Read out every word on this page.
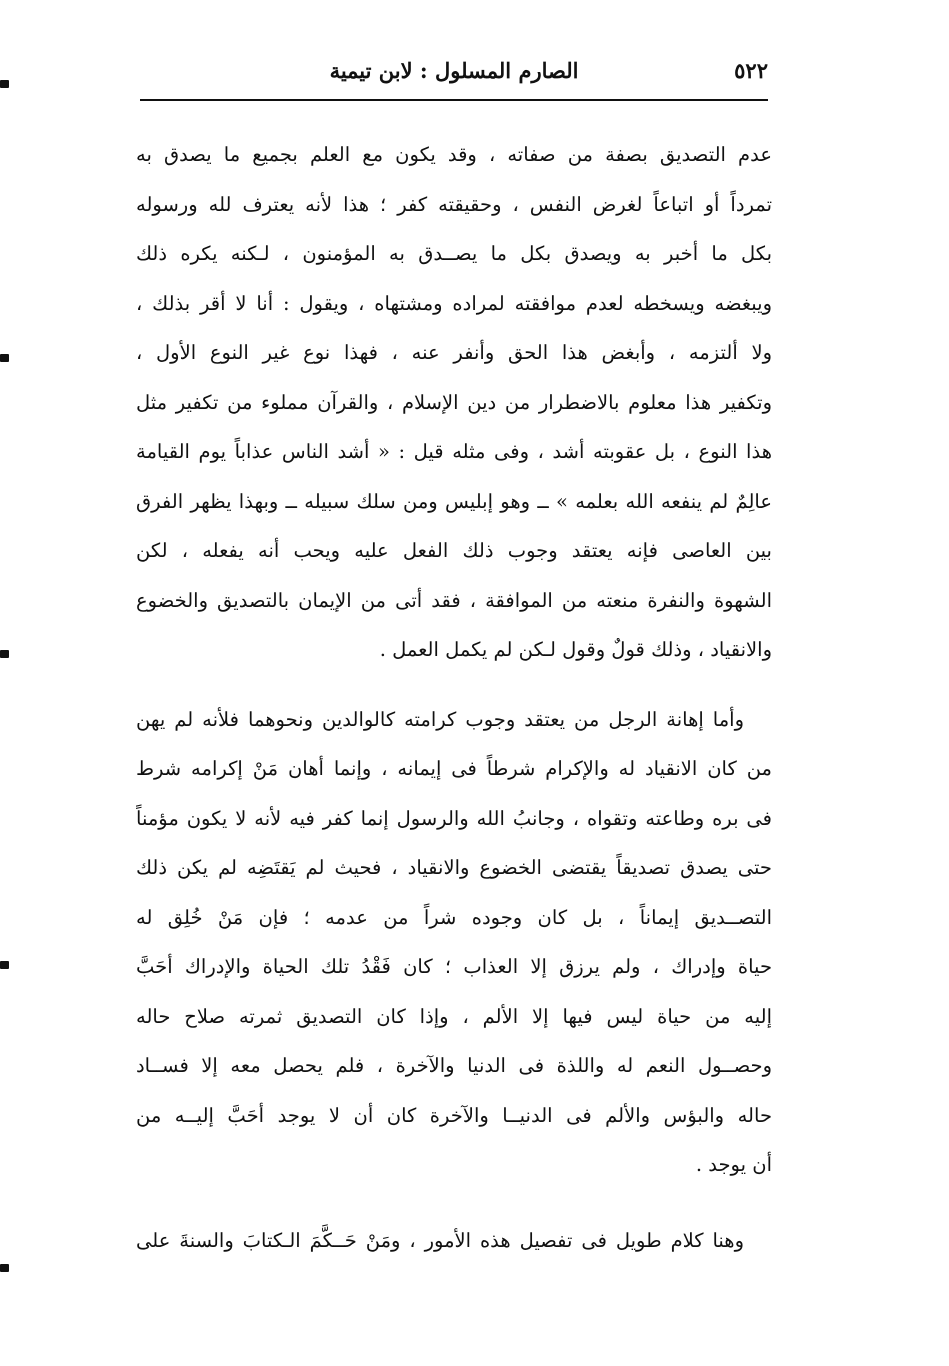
٥٢٢
الصارم المسلول : لابن تيمية
عدم التصديق بصفة من صفاته ، وقد يكون مع العلم بجميع ما يصدق به
تمرداً أو اتباعاً لغرض النفس ، وحقيقته كفر ؛ هذا لأنه يعترف لله ورسوله
بكل ما أخبر به ويصدق بكل ما يصــدق به المؤمنون ، لـكنه يكره ذلك
ويبغضه ويسخطه لعدم موافقته لمراده ومشتهاه ، ويقول : أنا لا أقر بذلك ،
ولا ألتزمه ، وأبغض هذا الحق وأنفر عنه ، فهذا نوع غير النوع الأول ،
وتكفير هذا معلوم بالاضطرار من دين الإسلام ، والقرآن مملوء من تكفير مثل
هذا النوع ، بل عقوبته أشد ، وفى مثله قيل : « أشد الناس عذاباً يوم القيامة
عالِمٌ لم ينفعه الله بعلمه » ــ وهو إبليس ومن سلك سبيله ــ وبهذا يظهر الفرق
بين العاصى فإنه يعتقد وجوب ذلك الفعل عليه ويحب أنه يفعله ، لكن
الشهوة والنفرة منعته من الموافقة ، فقد أتى من الإيمان بالتصديق والخضوع
والانقياد ، وذلك قولٌ وقول لـكن لم يكمل العمل .
وأما إهانة الرجل من يعتقد وجوب كرامته كالوالدين ونحوهما فلأنه لم يهن
من كان الانقياد له والإكرام شرطاً فى إيمانه ، وإنما أهان مَنْ إكرامه شرط
فى بره وطاعته وتقواه ، وجانبُ الله والرسول إنما كفر فيه لأنه لا يكون مؤمناً
حتى يصدق تصديقاً يقتضى الخضوع والانقياد ، فحيث لم يَقتَضِه لم يكن ذلك
التصــديق إيماناً ، بل كان وجوده شراً من عدمه ؛ فإن مَنْ خُلِق له
حياة وإدراك ، ولم يرزق إلا العذاب ؛ كان فَقْدُ تلك الحياة والإدراك أحَبَّ
إليه من حياة ليس فيها إلا الألم ، وإذا كان التصديق ثمرته صلاح حاله
وحصــول النعم له واللذة فى الدنيا والآخرة ، فلم يحصل معه إلا فســاد
حاله والبؤس والألم فى الدنيــا والآخرة كان أن لا يوجد أحَبَّ إليــه من
أن يوجد .
وهنا كلام طويل فى تفصيل هذه الأمور ، ومَنْ حَــكَّمَ الـكتابَ والسنةَ على
